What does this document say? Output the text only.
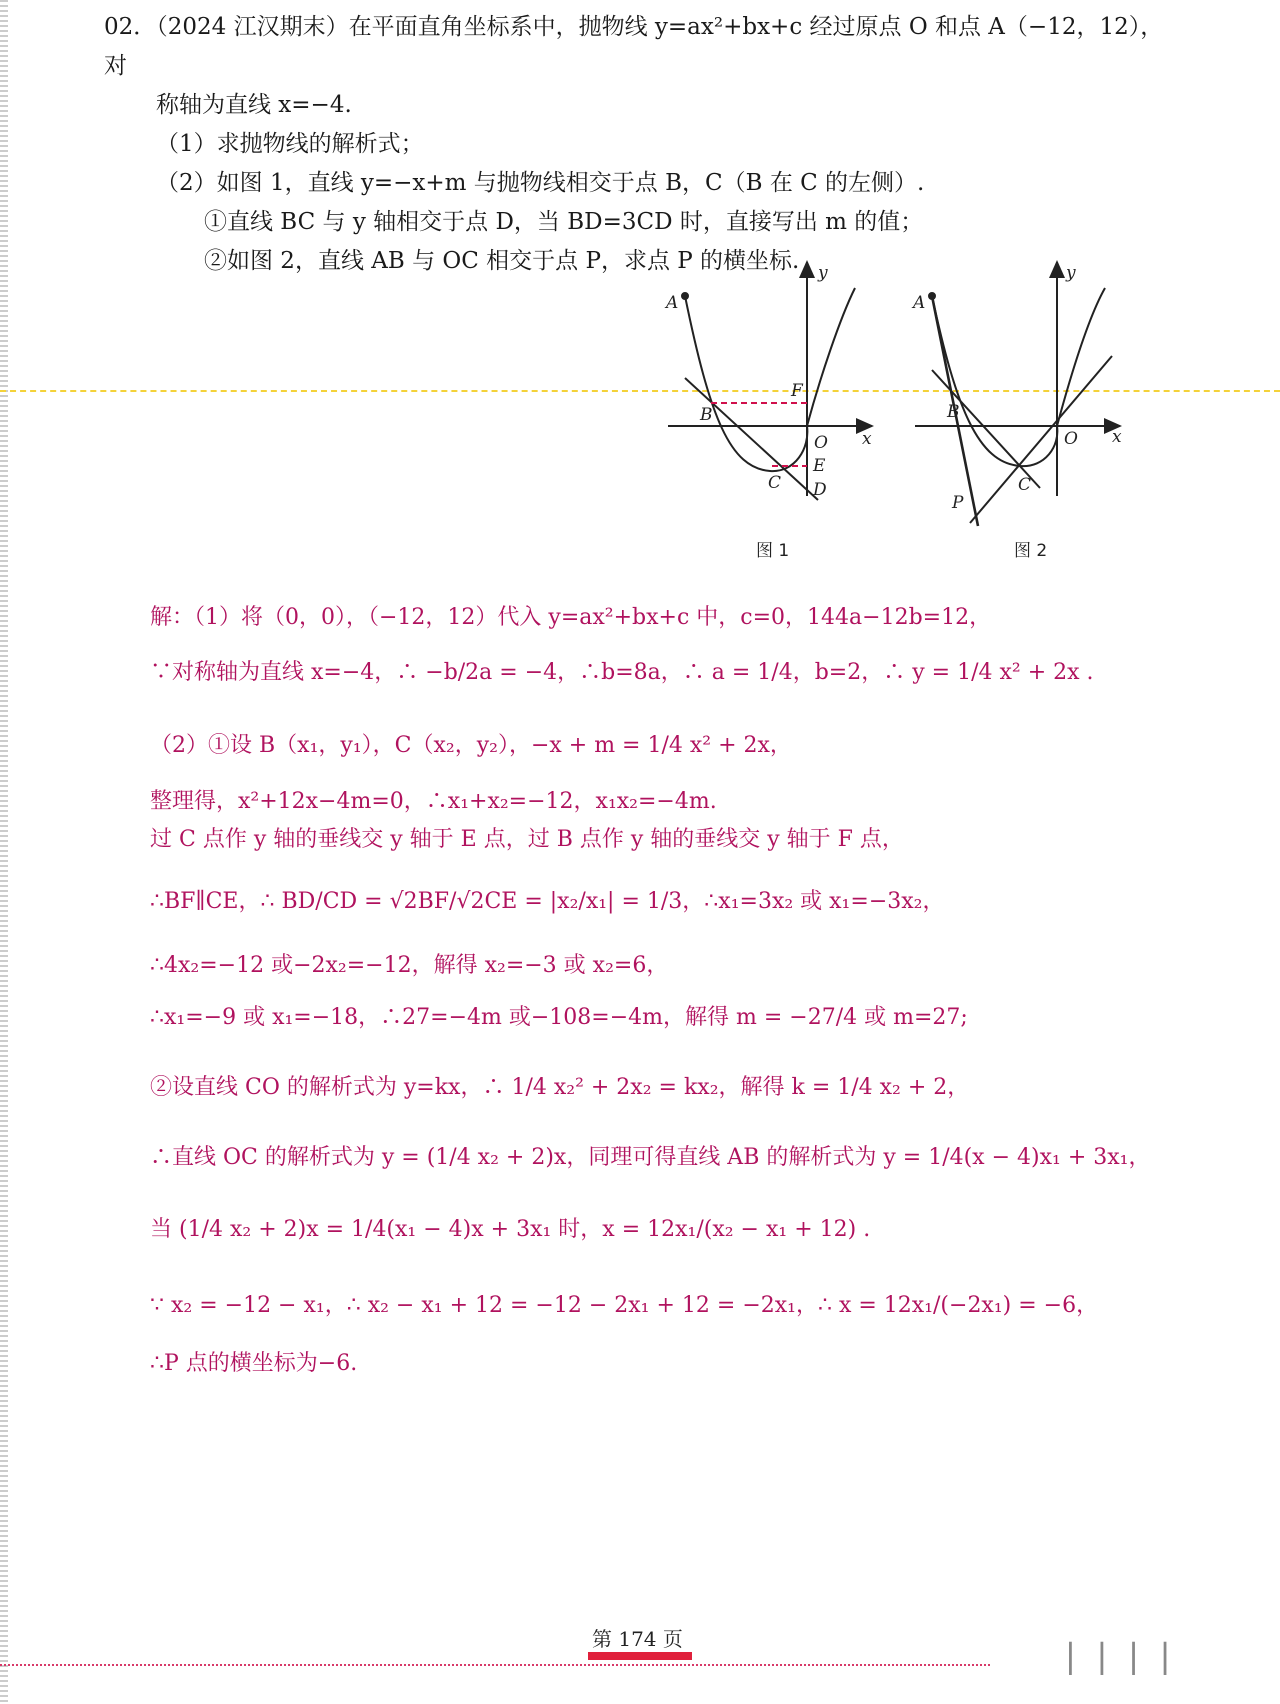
02．（2024 江汉期末）在平面直角坐标系中，抛物线 y=ax²+bx+c 经过原点 O 和点 A（−12，12），对

称轴为直线 x=−4.

（1）求抛物线的解析式；

（2）如图 1，直线 y=−x+m 与抛物线相交于点 B，C（B 在 C 的左侧）.

①直线 BC 与 y 轴相交于点 D，当 BD=3CD 时，直接写出 m 的值；

②如图 2，直线 AB 与 OC 相交于点 P，求点 P 的横坐标.

A
B
C D
E
F
O x
y
图 1
A
B
C
P
O x
y
图 2
解：（1）将（0，0），（−12，12）代入 y=ax²+bx+c 中，c=0，144a−12b=12，
∵对称轴为直线 x=−4，∴ −b/2a = −4，∴b=8a，∴ a = 1/4，b=2，∴ y = 1/4 x² + 2x .
（2）①设 B（x₁，y₁），C（x₂，y₂），−x + m = 1/4 x² + 2x，
整理得，x²+12x−4m=0，∴x₁+x₂=−12，x₁x₂=−4m.
过 C 点作 y 轴的垂线交 y 轴于 E 点，过 B 点作 y 轴的垂线交 y 轴于 F 点，
∴BF∥CE，∴ BD/CD = √2BF/√2CE = |x₂/x₁| = 1/3，∴x₁=3x₂ 或 x₁=−3x₂，
∴4x₂=−12 或−2x₂=−12，解得 x₂=−3 或 x₂=6，
∴x₁=−9 或 x₁=−18，∴27=−4m 或−108=−4m，解得 m = −27/4 或 m=27;
②设直线 CO 的解析式为 y=kx，∴ 1/4 x₂² + 2x₂ = kx₂，解得 k = 1/4 x₂ + 2，
∴直线 OC 的解析式为 y = (1/4 x₂ + 2)x，同理可得直线 AB 的解析式为 y = 1/4(x − 4)x₁ + 3x₁，
当 (1/4 x₂ + 2)x = 1/4(x₁ − 4)x + 3x₁ 时，x = 12x₁/(x₂ − x₁ + 12) .
∵ x₂ = −12 − x₁，∴ x₂ − x₁ + 12 = −12 − 2x₁ + 12 = −2x₁，∴ x = 12x₁/(−2x₁) = −6，
∴P 点的横坐标为−6.
第 174 页
▕▕▕▕
